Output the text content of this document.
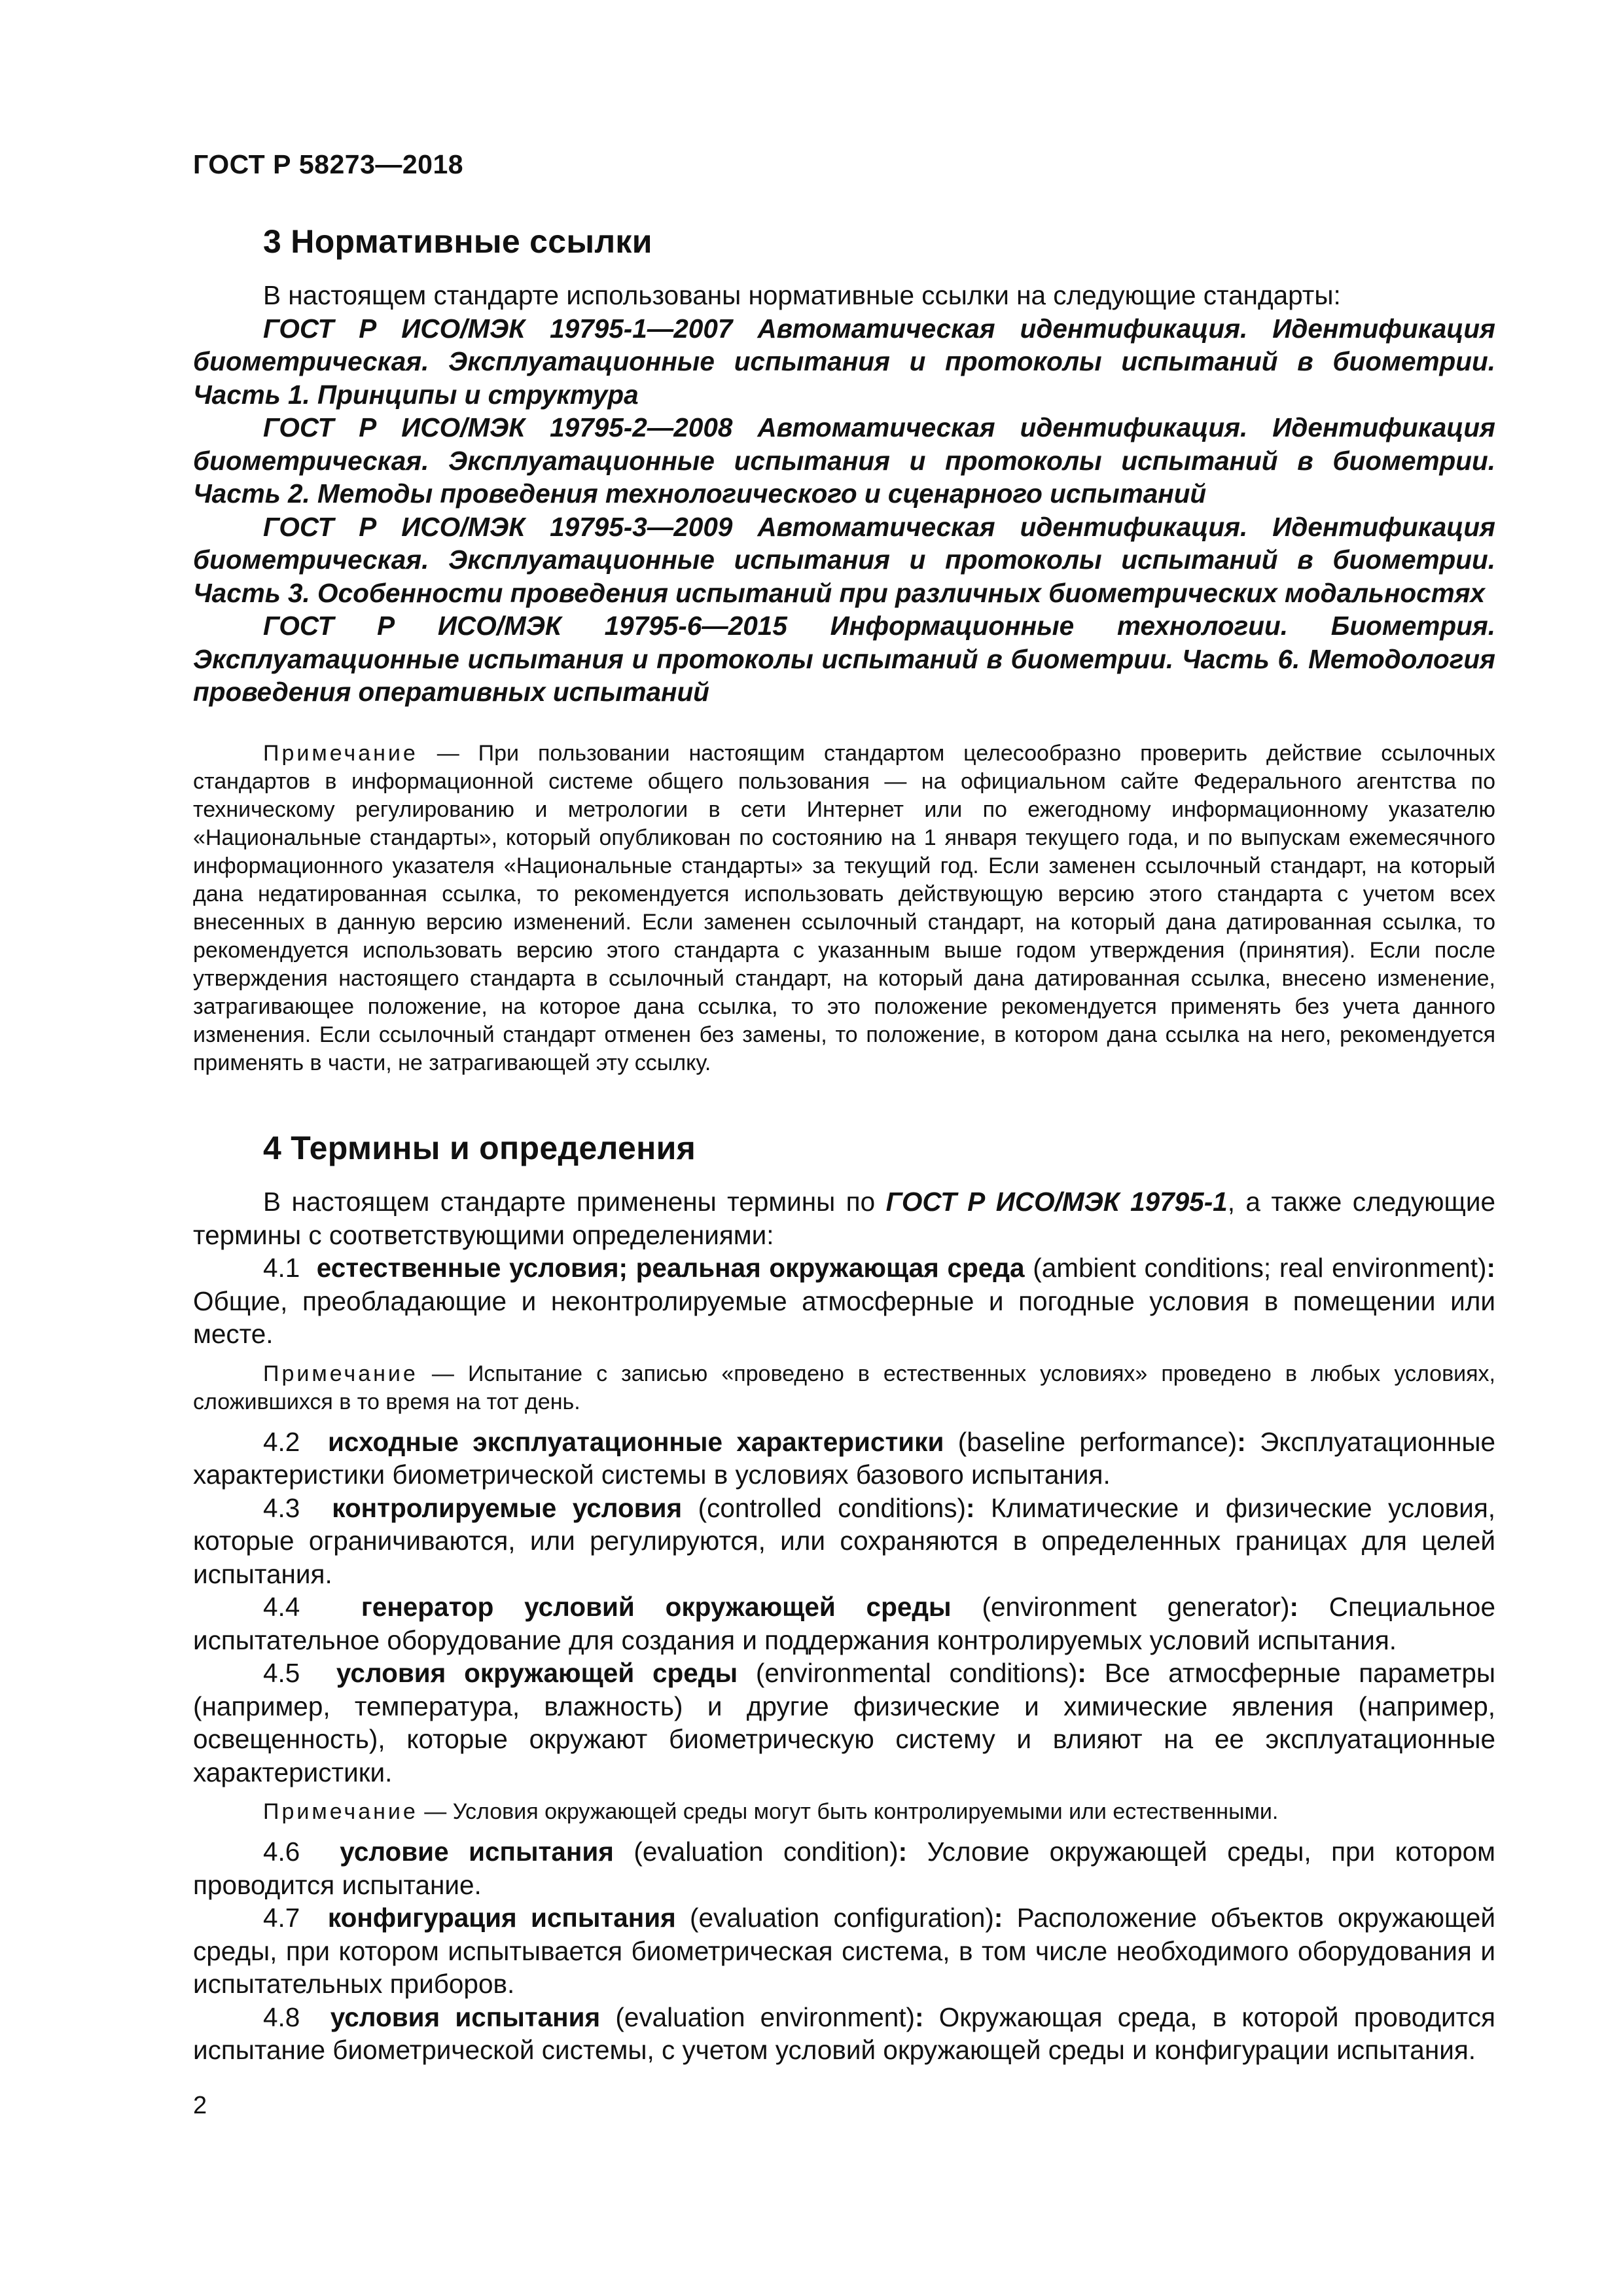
ГОСТ Р 58273—2018
3 Нормативные ссылки

В настоящем стандарте использованы нормативные ссылки на следующие стандарты:

ГОСТ Р ИСО/МЭК 19795-1—2007 Автоматическая идентификация. Идентификация биометрическая. Эксплуатационные испытания и протоколы испытаний в биометрии. Часть 1. Принципы и структура

ГОСТ Р ИСО/МЭК 19795-2—2008 Автоматическая идентификация. Идентификация биометрическая. Эксплуатационные испытания и протоколы испытаний в биометрии. Часть 2. Методы проведения технологического и сценарного испытаний

ГОСТ Р ИСО/МЭК 19795-3—2009 Автоматическая идентификация. Идентификация биометрическая. Эксплуатационные испытания и протоколы испытаний в биометрии. Часть 3. Особенности проведения испытаний при различных биометрических модальностях

ГОСТ Р ИСО/МЭК 19795-6—2015 Информационные технологии. Биометрия. Эксплуатационные испытания и протоколы испытаний в биометрии. Часть 6. Методология проведения оперативных испытаний

Примечание — При пользовании настоящим стандартом целесообразно проверить действие ссылочных стандартов в информационной системе общего пользования — на официальном сайте Федерального агентства по техническому регулированию и метрологии в сети Интернет или по ежегодному информационному указателю «Национальные стандарты», который опубликован по состоянию на 1 января текущего года, и по выпускам ежемесячного информационного указателя «Национальные стандарты» за текущий год. Если заменен ссылочный стандарт, на который дана недатированная ссылка, то рекомендуется использовать действующую версию этого стандарта с учетом всех внесенных в данную версию изменений. Если заменен ссылочный стандарт, на который дана датированная ссылка, то рекомендуется использовать версию этого стандарта с указанным выше годом утверждения (принятия). Если после утверждения настоящего стандарта в ссылочный стандарт, на который дана датированная ссылка, внесено изменение, затрагивающее положение, на которое дана ссылка, то это положение рекомендуется применять без учета данного изменения. Если ссылочный стандарт отменен без замены, то положение, в котором дана ссылка на него, рекомендуется применять в части, не затрагивающей эту ссылку.

4 Термины и определения

В настоящем стандарте применены термины по ГОСТ Р ИСО/МЭК 19795-1, а также следующие термины с соответствующими определениями:

4.1 естественные условия; реальная окружающая среда (ambient conditions; real environment): Общие, преобладающие и неконтролируемые атмосферные и погодные условия в помещении или месте.

Примечание — Испытание с записью «проведено в естественных условиях» проведено в любых условиях, сложившихся в то время на тот день.

4.2 исходные эксплуатационные характеристики (baseline performance): Эксплуатационные характеристики биометрической системы в условиях базового испытания.

4.3 контролируемые условия (controlled conditions): Климатические и физические условия, которые ограничиваются, или регулируются, или сохраняются в определенных границах для целей испытания.

4.4 генератор условий окружающей среды (environment generator): Специальное испытательное оборудование для создания и поддержания контролируемых условий испытания.

4.5 условия окружающей среды (environmental conditions): Все атмосферные параметры (например, температура, влажность) и другие физические и химические явления (например, освещенность), которые окружают биометрическую систему и влияют на ее эксплуатационные характеристики.

Примечание — Условия окружающей среды могут быть контролируемыми или естественными.

4.6 условие испытания (evaluation condition): Условие окружающей среды, при котором проводится испытание.

4.7 конфигурация испытания (evaluation configuration): Расположение объектов окружающей среды, при котором испытывается биометрическая система, в том числе необходимого оборудования и испытательных приборов.

4.8 условия испытания (evaluation environment): Окружающая среда, в которой проводится испытание биометрической системы, с учетом условий окружающей среды и конфигурации испытания.

2
